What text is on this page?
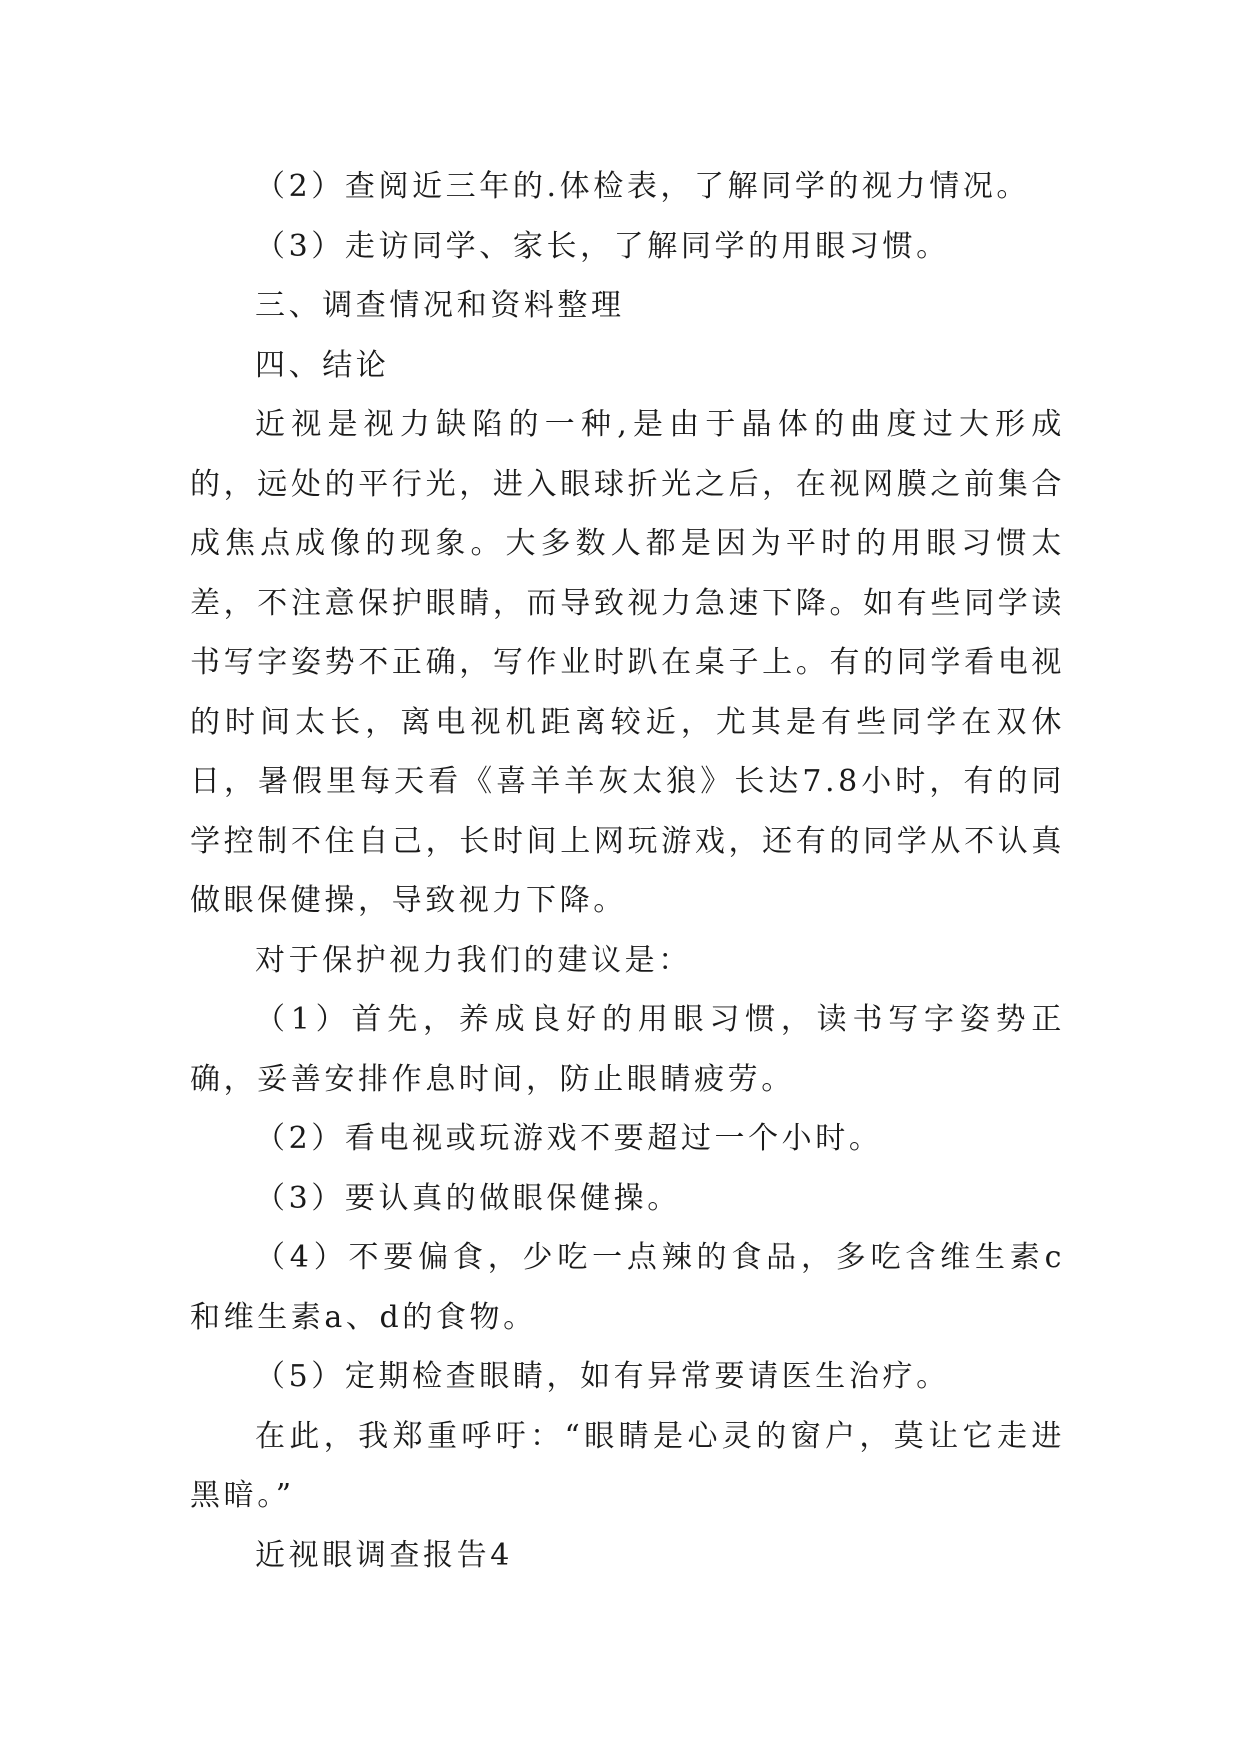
（2）查阅近三年的.体检表，了解同学的视力情况。

（3）走访同学、家长，了解同学的用眼习惯。

三、调查情况和资料整理

四、结论

近视是视力缺陷的一种,是由于晶体的曲度过大形成的，远处的平行光，进入眼球折光之后，在视网膜之前集合成焦点成像的现象。大多数人都是因为平时的用眼习惯太差，不注意保护眼睛，而导致视力急速下降。如有些同学读书写字姿势不正确，写作业时趴在桌子上。有的同学看电视的时间太长，离电视机距离较近，尤其是有些同学在双休日，暑假里每天看《喜羊羊灰太狼》长达7.8小时，有的同学控制不住自己，长时间上网玩游戏，还有的同学从不认真做眼保健操，导致视力下降。

对于保护视力我们的建议是：

（1）首先，养成良好的用眼习惯，读书写字姿势正确，妥善安排作息时间，防止眼睛疲劳。

（2）看电视或玩游戏不要超过一个小时。

（3）要认真的做眼保健操。

（4）不要偏食，少吃一点辣的食品，多吃含维生素c和维生素a、d的食物。

（5）定期检查眼睛，如有异常要请医生治疗。

在此，我郑重呼吁：“眼睛是心灵的窗户，莫让它走进黑暗。”

近视眼调查报告4
